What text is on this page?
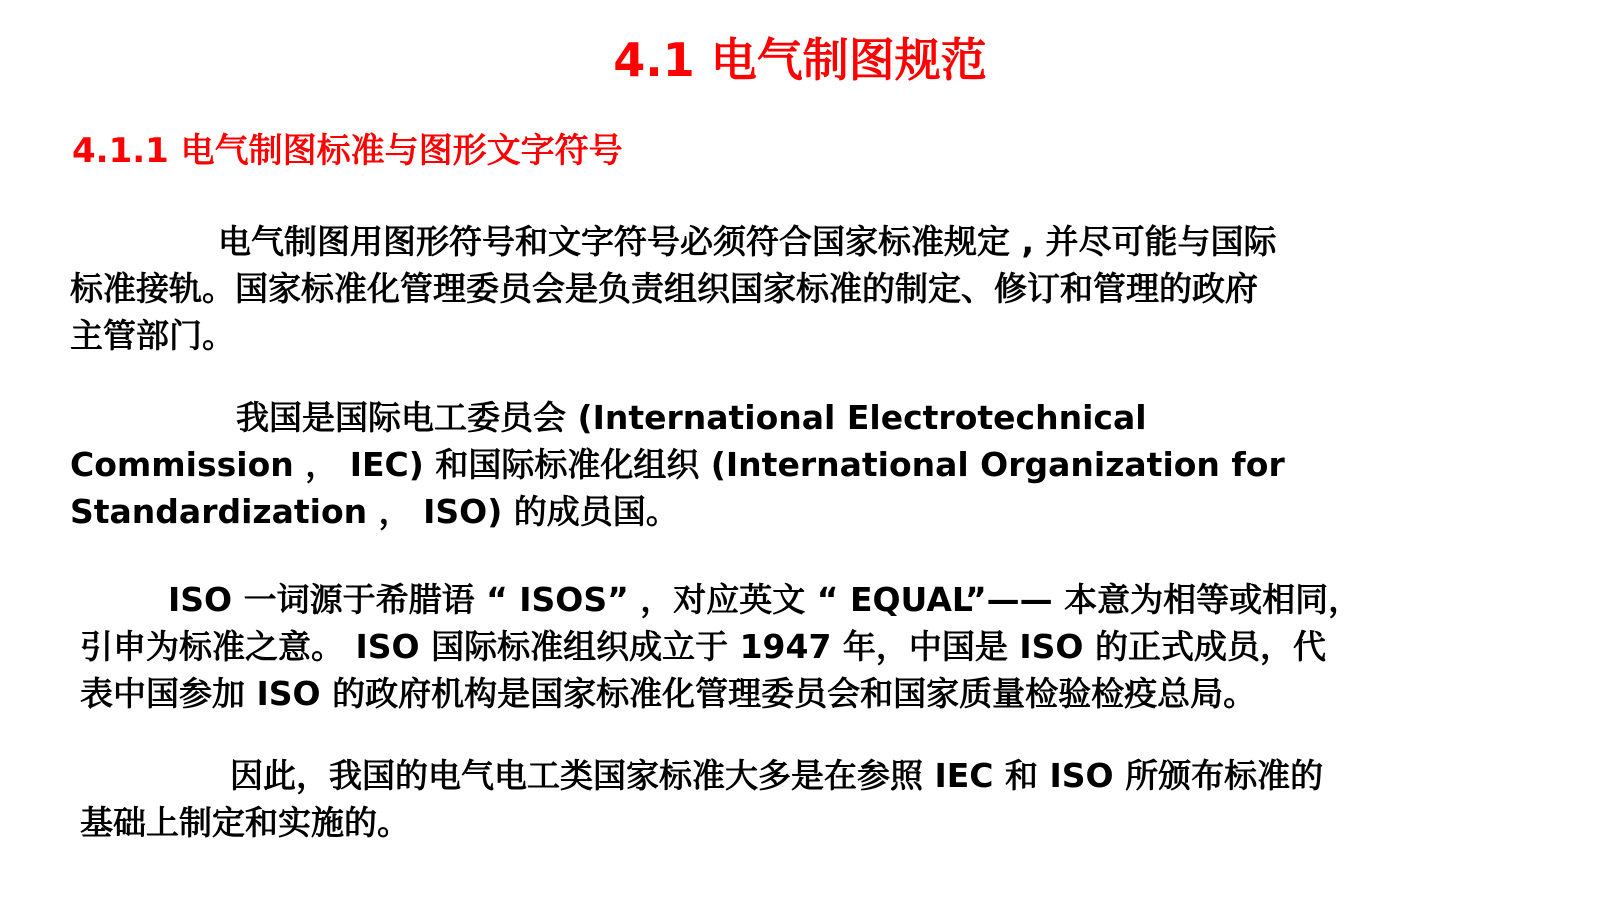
4.1 电气制图规范
4.1.1 电气制图标准与图形文字符号
电气制图用图形符号和文字符号必须符合国家标准规定 , 并尽可能与国际
标准接轨。国家标准化管理委员会是负责组织国家标准的制定、修订和管理的政府
主管部门。
我国是国际电工委员会 (International Electrotechnical
Commission ， IEC) 和国际标准化组织 (International Organization for
Standardization ， ISO) 的成员国。
ISO 一词源于希腊语 “ ISOS” ，对应英文 “ EQUAL”—— 本意为相等或相同，
引申为标准之意。 ISO 国际标准组织成立于 1947 年，中国是 ISO 的正式成员，代
表中国参加 ISO 的政府机构是国家标准化管理委员会和国家质量检验检疫总局。
因此，我国的电气电工类国家标准大多是在参照 IEC 和 ISO 所颁布标准的
基础上制定和实施的。
